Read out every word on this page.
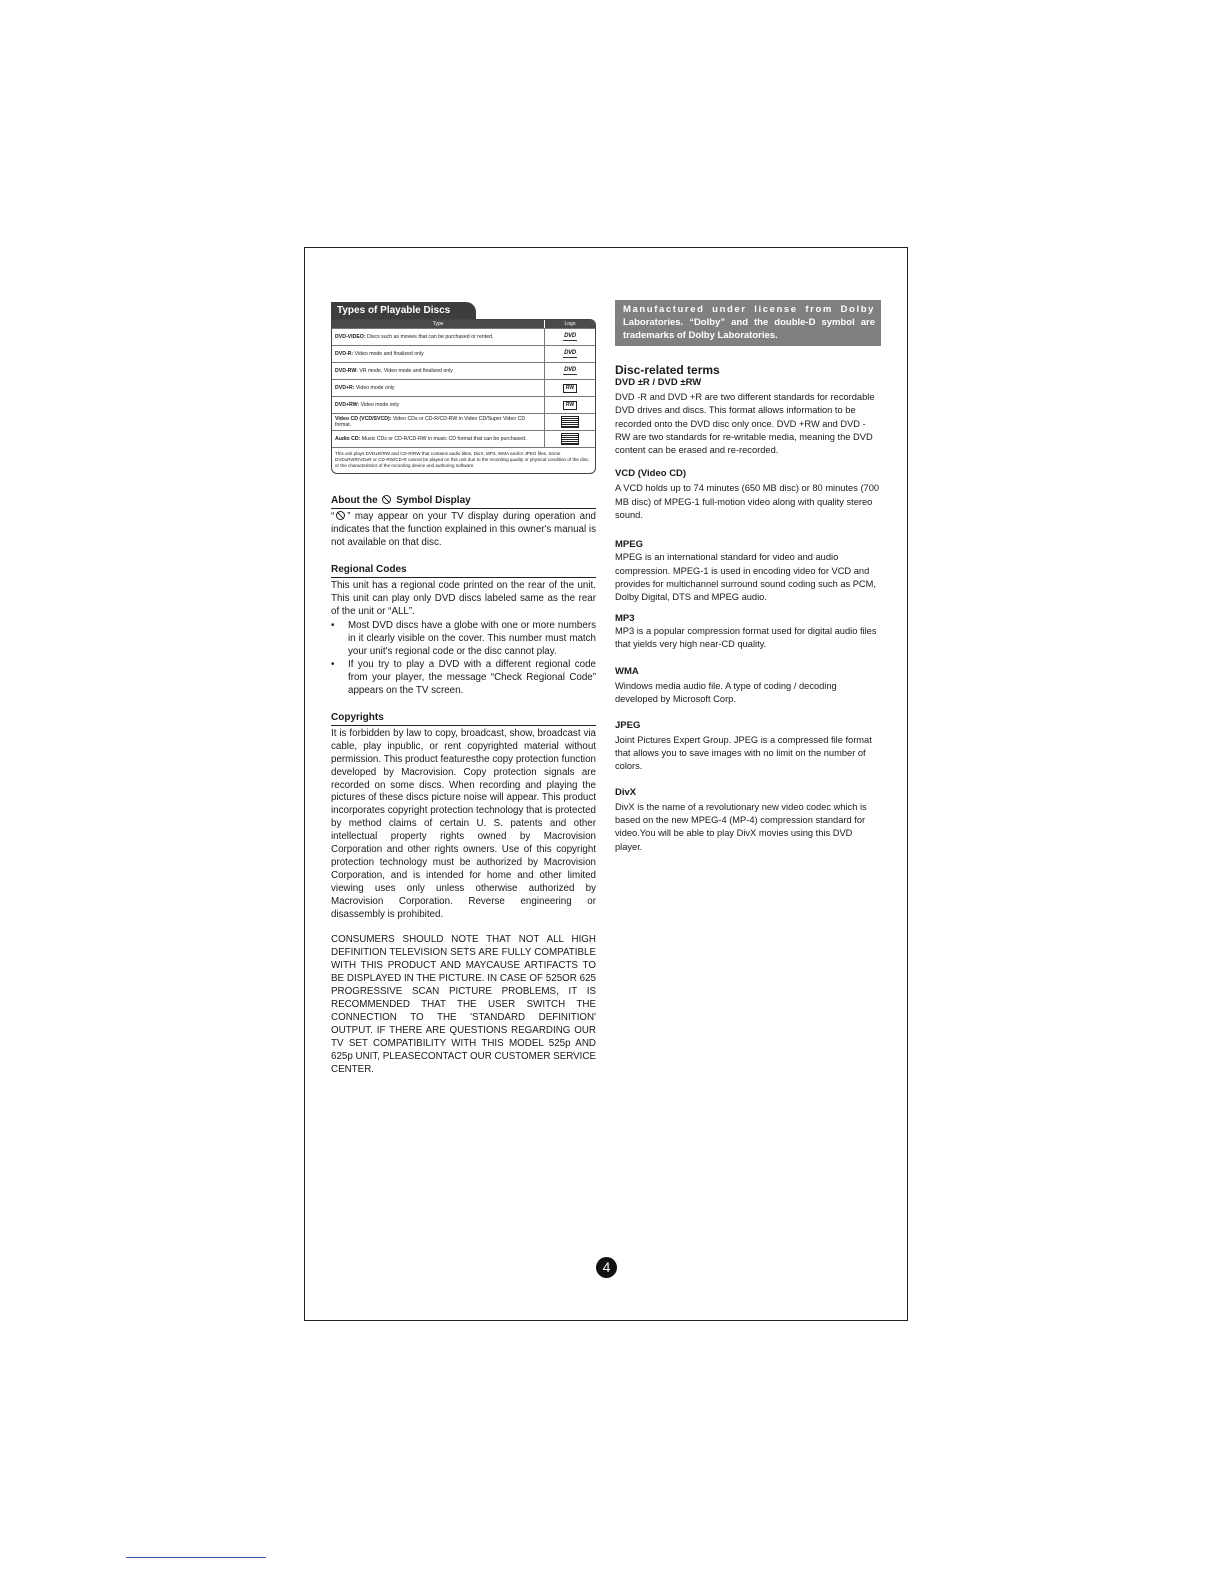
Types of Playable Discs
Type	Logo
DVD-VIDEO: Discs such as movies that can be purchased or rented.	DVD
DVD-R: Video mode and finalized only	DVD
DVD-RW: VR mode, Video mode and finalized only	DVD
DVD+R: Video mode only	RW
DVD+RW: Video mode only	RW
Video CD (VCD/SVCD): Video CDs or CD-R/CD-RW in Video CD/Super Video CD format.
Audio CD: Music CDs or CD-R/CD-RW in music CD format that can be purchased.
This unit plays DVD±R/RW and CD-R/RW that contains audio titles, DivX, MP3, WMA and/or JPEG files. Some DVD±RW/DVD±R or CD-RW/CD-R cannot be played on this unit due to the recording quality or physical condition of the disc, or the characteristics of the recording device and authoring software.
About the Symbol Display

“ ” may appear on your TV display during operation and indicates that the function explained in this owner's manual is not available on that disc.

Regional Codes

This unit has a regional code printed on the rear of the unit. This unit can play only DVD discs labeled same as the rear of the unit or “ALL”.

• Most DVD discs have a globe with one or more numbers in it clearly visible on the cover. This number must match your unit's regional code or the disc cannot play.
• If you try to play a DVD with a different regional code from your player, the message “Check Regional Code” appears on the TV screen.
Copyrights

It is forbidden by law to copy, broadcast, show, broadcast via cable, play inpublic, or rent copyrighted material without permission. This product featuresthe copy protection function developed by Macrovision. Copy protection signals are recorded on some discs. When recording and playing the pictures of these discs picture noise will appear. This product incorporates copyright protection technology that is protected by method claims of certain U. S. patents and other intellectual property rights owned by Macrovision Corporation and other rights owners. Use of this copyright protection technology must be authorized by Macrovision Corporation, and is intended for home and other limited viewing uses only unless otherwise authorized by Macrovision Corporation. Reverse engineering or disassembly is prohibited.

CONSUMERS SHOULD NOTE THAT NOT ALL HIGH DEFINITION TELEVISION SETS ARE FULLY COMPATIBLE WITH THIS PRODUCT AND MAYCAUSE ARTIFACTS TO BE DISPLAYED IN THE PICTURE. IN CASE OF 525OR 625 PROGRESSIVE SCAN PICTURE PROBLEMS, IT IS RECOMMENDED THAT THE USER SWITCH THE CONNECTION TO THE 'STANDARD DEFINITION' OUTPUT. IF THERE ARE QUESTIONS REGARDING OUR TV SET COMPATIBILITY WITH THIS MODEL 525p AND 625p UNIT, PLEASECONTACT OUR CUSTOMER SERVICE CENTER.

Manufactured under license from Dolby
Laboratories. “Dolby” and the double-D symbol are trademarks of Dolby Laboratories.
Disc-related terms
DVD ±R / DVD ±RW

DVD -R and DVD +R are two different standards for recordable DVD drives and discs. This format allows information to be recorded onto the DVD disc only once. DVD +RW and DVD -RW are two standards for re-writable media, meaning the DVD content can be erased and re-recorded.

VCD (Video CD)

A VCD holds up to 74 minutes (650 MB disc) or 80 minutes (700 MB disc) of MPEG-1 full-motion video along with quality stereo sound.

MPEG

MPEG is an international standard for video and audio compression. MPEG-1 is used in encoding video for VCD and provides for multichannel surround sound coding such as PCM, Dolby Digital, DTS and MPEG audio.

MP3

MP3 is a popular compression format used for digital audio files that yields very high near-CD quality.

WMA

Windows media audio file. A type of coding / decoding developed by Microsoft Corp.

JPEG

Joint Pictures Expert Group. JPEG is a compressed file format that allows you to save images with no limit on the number of colors.

DivX

DivX is the name of a revolutionary new video codec which is based on the new MPEG-4 (MP-4) compression standard for video.You will be able to play DivX movies using this DVD player.

4
